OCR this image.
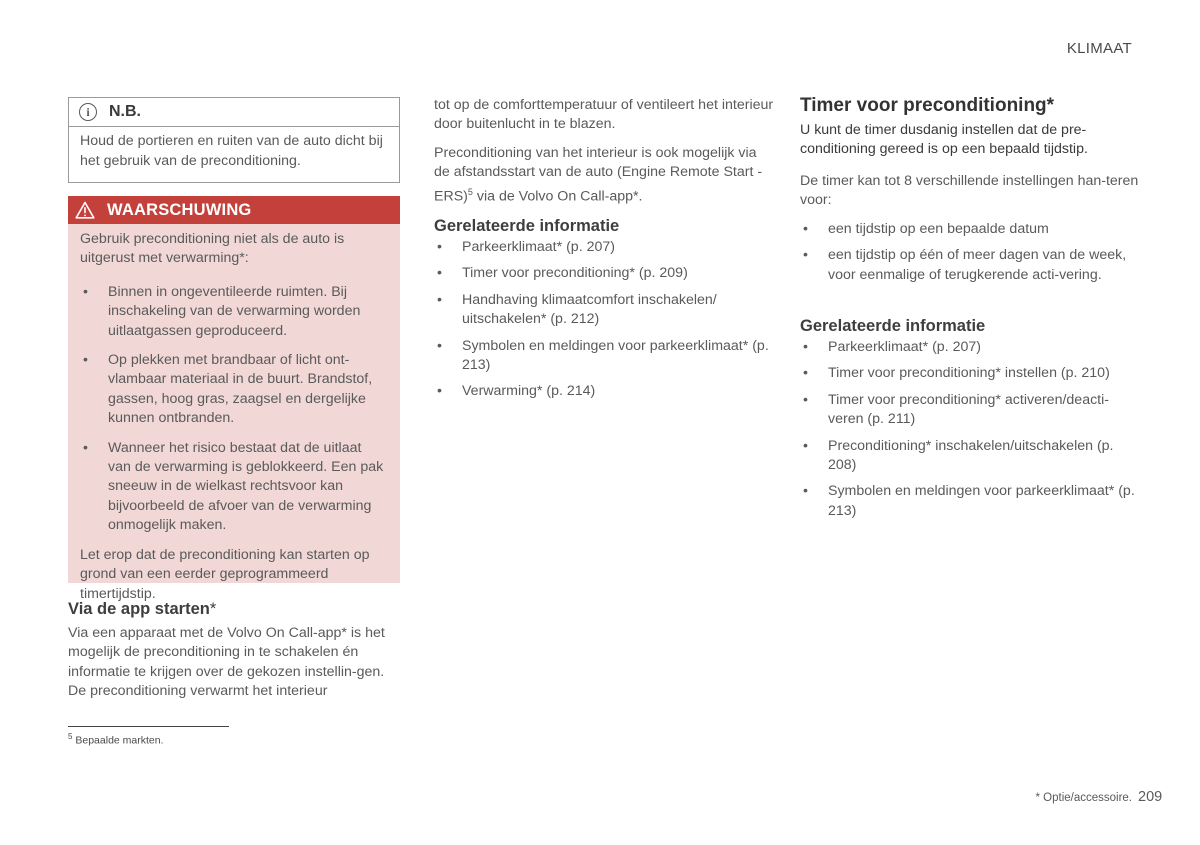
KLIMAAT
i	N.B.
Houd de portieren en ruiten van de auto dicht bij het gebruik van de preconditioning.
WAARSCHUWING

Gebruik preconditioning niet als de auto is uitgerust met verwarming*:

• Binnen in ongeventileerde ruimten. Bij inschakeling van de verwarming worden uitlaatgassen geproduceerd.
• Op plekken met brandbaar of licht ont-vlambaar materiaal in de buurt. Brandstof, gassen, hoog gras, zaagsel en dergelijke kunnen ontbranden.
• Wanneer het risico bestaat dat de uitlaat van de verwarming is geblokkeerd. Een pak sneeuw in de wielkast rechtsvoor kan bijvoorbeeld de afvoer van de verwarming onmogelijk maken.

Let erop dat de preconditioning kan starten op grond van een eerder geprogrammeerd timertijdstip.

Via de app starten*
Via een apparaat met de Volvo On Call-app* is het mogelijk de preconditioning in te schakelen én informatie te krijgen over de gekozen instellin-gen. De preconditioning verwarmt het interieur
$^5$ Bepaalde markten.
tot op de comforttemperatuur of ventileert het interieur door buitenlucht in te blazen.
Preconditioning van het interieur is ook mogelijk via de afstandsstart van de auto (Engine Remote Start - ERS)$^5$ via de Volvo On Call-app*.
Gerelateerde informatie
• Parkeerklimaat* (p. 207)
• Timer voor preconditioning* (p. 209)
• Handhaving klimaatcomfort inschakelen/ uitschakelen* (p. 212)
• Symbolen en meldingen voor parkeerklimaat* (p. 213)
• Verwarming* (p. 214)
Timer voor preconditioning*
U kunt de timer dusdanig instellen dat de pre-conditioning gereed is op een bepaald tijdstip.
De timer kan tot 8 verschillende instellingen han-teren voor:
• een tijdstip op een bepaalde datum
• een tijdstip op één of meer dagen van de week, voor eenmalige of terugkerende acti-vering.
Gerelateerde informatie
• Parkeerklimaat* (p. 207)
• Timer voor preconditioning* instellen (p. 210)
• Timer voor preconditioning* activeren/deacti-veren (p. 211)
• Preconditioning* inschakelen/uitschakelen (p. 208)
• Symbolen en meldingen voor parkeerklimaat* (p. 213)
* Optie/accessoire. 209
